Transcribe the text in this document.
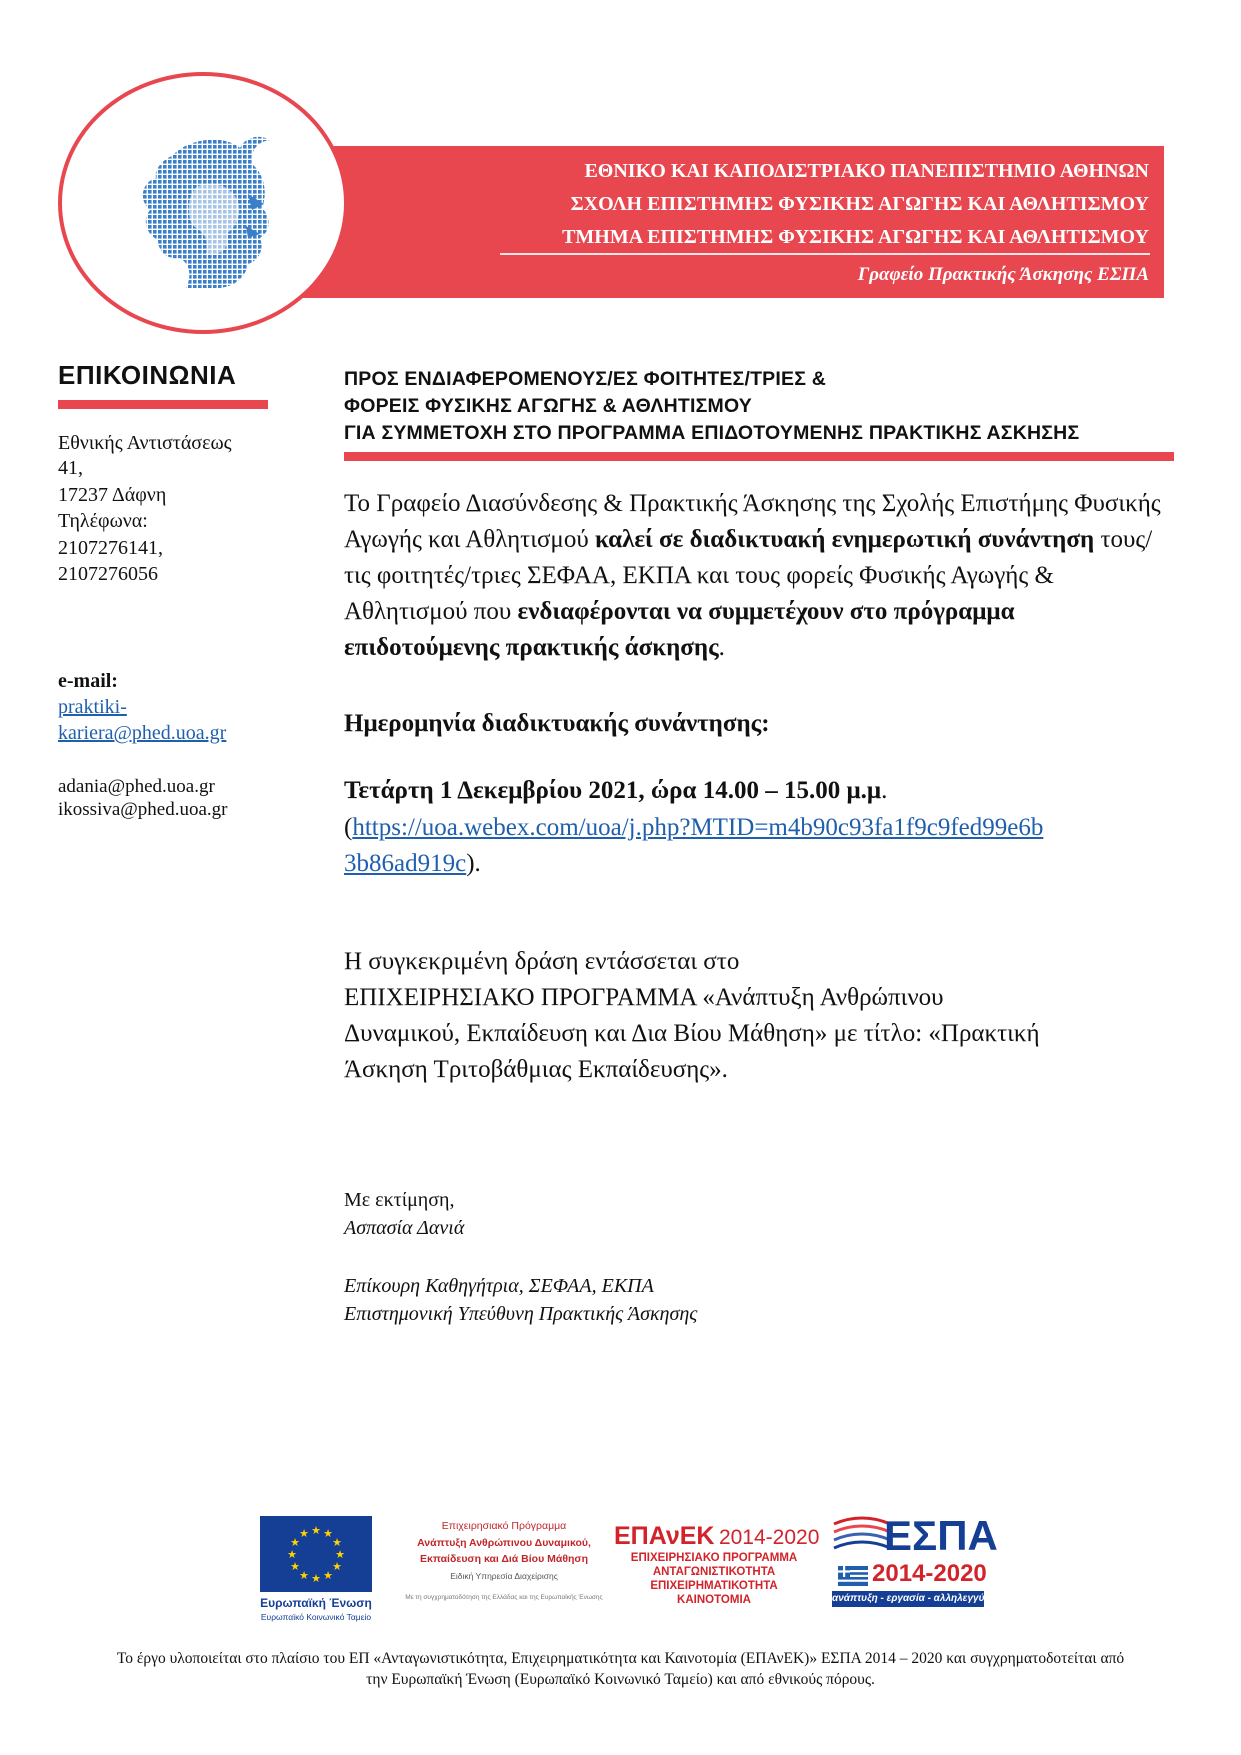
ΕΘΝΙΚΟ ΚΑΙ ΚΑΠΟΔΙΣΤΡΙΑΚΟ ΠΑΝΕΠΙΣΤΗΜΙΟ ΑΘΗΝΩΝ
ΣΧΟΛΗ ΕΠΙΣΤΗΜΗΣ ΦΥΣΙΚΗΣ ΑΓΩΓΗΣ ΚΑΙ ΑΘΛΗΤΙΣΜΟΥ
ΤΜΗΜΑ ΕΠΙΣΤΗΜΗΣ ΦΥΣΙΚΗΣ ΑΓΩΓΗΣ ΚΑΙ ΑΘΛΗΤΙΣΜΟΥ
Γραφείο Πρακτικής Άσκησης ΕΣΠΑ
ΕΠΙΚΟΙΝΩΝΙΑ
Εθνικής Αντιστάσεως
41,
17237 Δάφνη
Τηλέφωνα:
2107276141,
2107276056
e-mail:
praktiki-
kariera@phed.uoa.gr
adania@phed.uoa.gr
ikossiva@phed.uoa.gr
ΠΡΟΣ ΕΝΔΙΑΦΕΡΟΜΕΝΟΥΣ/ΕΣ ΦΟΙΤΗΤΕΣ/ΤΡΙΕΣ &
ΦΟΡΕΙΣ ΦΥΣΙΚΗΣ ΑΓΩΓΗΣ & ΑΘΛΗΤΙΣΜΟΥ
ΓΙΑ ΣΥΜΜΕΤΟΧΗ ΣΤΟ ΠΡΟΓΡΑΜΜΑ ΕΠΙΔΟΤΟΥΜΕΝΗΣ ΠΡΑΚΤΙΚΗΣ ΑΣΚΗΣΗΣ
Το Γραφείο Διασύνδεσης & Πρακτικής Άσκησης της Σχολής Επιστήμης Φυσικής Αγωγής και Αθλητισμού καλεί σε διαδικτυακή ενημερωτική συνάντηση τους/τις φοιτητές/τριες ΣΕΦΑΑ, ΕΚΠΑ και τους φορείς Φυσικής Αγωγής & Αθλητισμού που ενδιαφέρονται να συμμετέχουν στο πρόγραμμα επιδοτούμενης πρακτικής άσκησης.
Ημερομηνία διαδικτυακής συνάντησης:
Τετάρτη 1 Δεκεμβρίου 2021, ώρα 14.00 – 15.00 μ.μ.
(https://uoa.webex.com/uoa/j.php?MTID=m4b90c93fa1f9c9fed99e6b
3b86ad919c).
Η συγκεκριμένη δράση εντάσσεται στο
ΕΠΙΧΕΙΡΗΣΙΑΚΟ ΠΡΟΓΡΑΜΜΑ «Ανάπτυξη Ανθρώπινου
Δυναμικού, Εκπαίδευση και Δια Βίου Μάθηση» με τίτλο: «Πρακτική
Άσκηση Τριτοβάθμιας Εκπαίδευσης».
Με εκτίμηση,
Ασπασία Δανιά
Επίκουρη Καθηγήτρια, ΣΕΦΑΑ, ΕΚΠΑ
Επιστημονική Υπεύθυνη Πρακτικής Άσκησης
★ ★
★
★
★
★
★
★
★
★
★
★
Ευρωπαϊκή Ένωση
Ευρωπαϊκό Κοινωνικό Ταμείο
Επιχειρησιακό Πρόγραμμα
Ανάπτυξη Ανθρώπινου Δυναμικού,
Εκπαίδευση και Διά Βίου Μάθηση
Ειδική Υπηρεσία Διαχείρισης
Με τη συγχρηματοδότηση της Ελλάδας και της Ευρωπαϊκής Ένωσης
ΕΠΑνΕΚ 2014-2020
ΕΠΙΧΕΙΡΗΣΙΑΚΟ ΠΡΟΓΡΑΜΜΑ
ΑΝΤΑΓΩΝΙΣΤΙΚΟΤΗΤΑ
ΕΠΙΧΕΙΡΗΜΑΤΙΚΟΤΗΤΑ
ΚΑΙΝΟΤΟΜΙΑ
ΕΣΠΑ
2014-2020
ανάπτυξη - εργασία - αλληλεγγύη
Το έργο υλοποιείται στο πλαίσιο του ΕΠ «Ανταγωνιστικότητα, Επιχειρηματικότητα και Καινοτομία (ΕΠΑνΕΚ)» ΕΣΠΑ 2014 – 2020 και συγχρηματοδοτείται από
την Ευρωπαϊκή Ένωση (Ευρωπαϊκό Κοινωνικό Ταμείο) και από εθνικούς πόρους.
